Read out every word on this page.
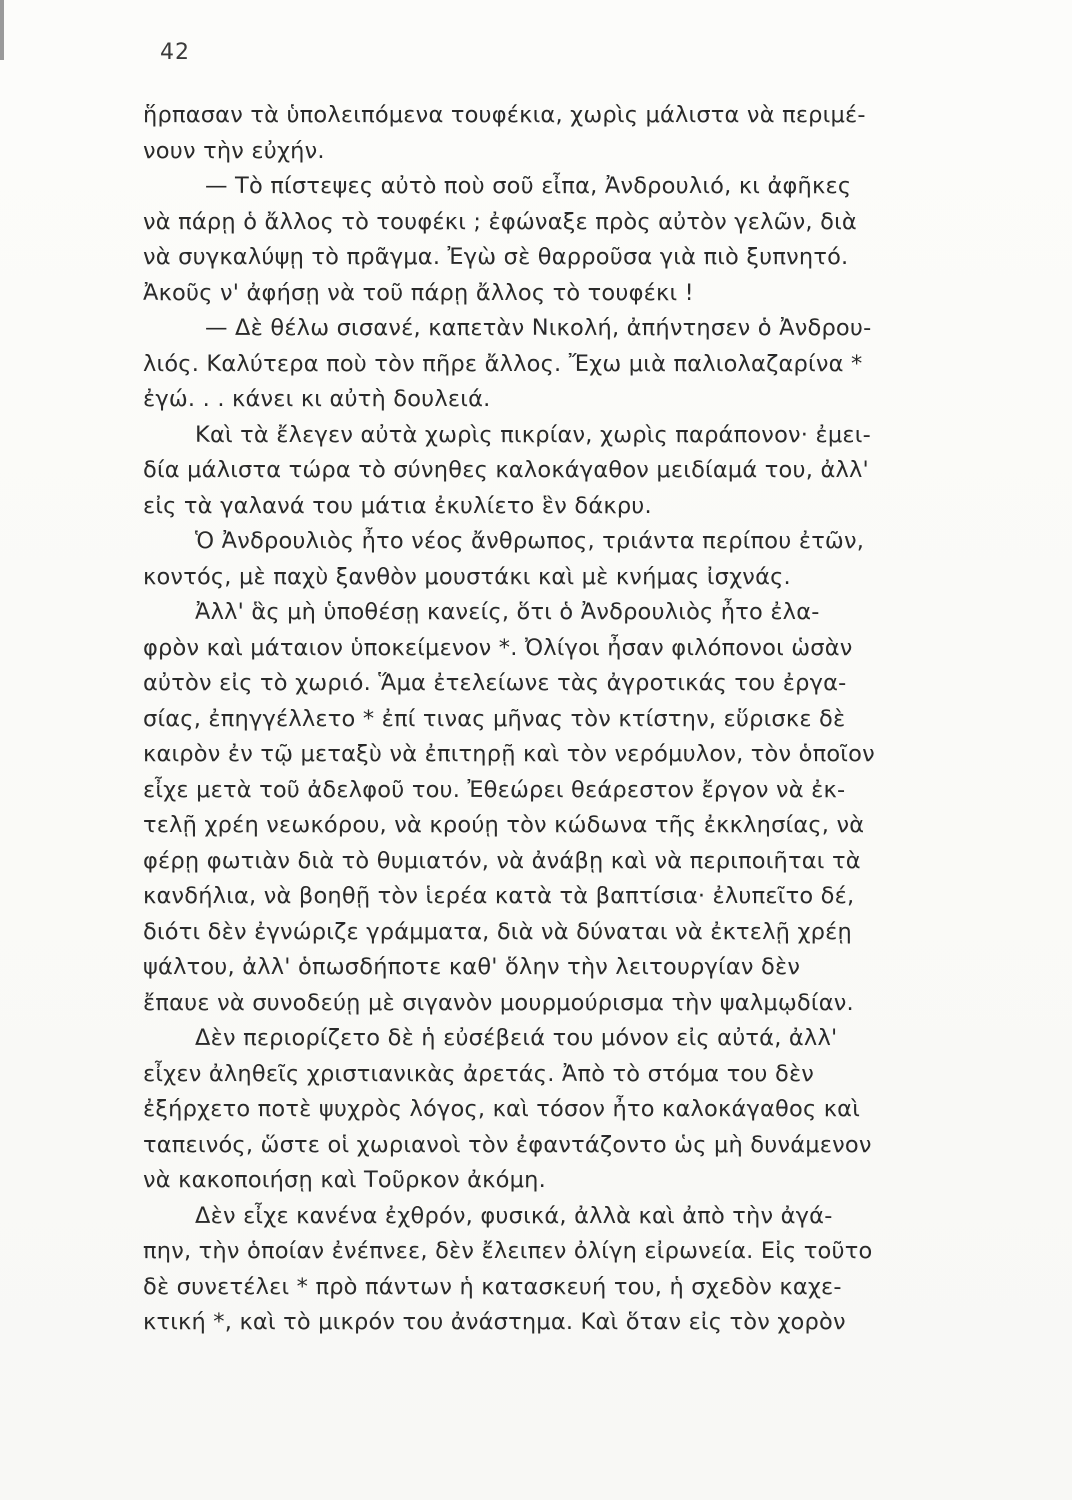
42
ἥρπασαν τὰ ὑπολειπόμενα τουφέκια, χωρὶς μάλιστα νὰ περιμέ-
νουν τὴν εὐχήν.
— Τὸ πίστεψες αὐτὸ ποὺ σοῦ εἶπα, Ἀνδρουλιό, κι ἀφῆκες
νὰ πάρῃ ὁ ἄλλος τὸ τουφέκι ; ἐφώναξε πρὸς αὐτὸν γελῶν, διὰ
νὰ συγκαλύψῃ τὸ πρᾶγμα. Ἐγὼ σὲ θαρροῦσα γιὰ πιὸ ξυπνητό.
Ἀκοῦς ν' ἀφήσῃ νὰ τοῦ πάρῃ ἄλλος τὸ τουφέκι !
— Δὲ θέλω σισανέ, καπετὰν Νικολή, ἀπήντησεν ὁ Ἀνδρου-
λιός. Καλύτερα ποὺ τὸν πῆρε ἄλλος. Ἔχω μιὰ παλιολαζαρίνα *
ἐγώ. . . κάνει κι αὐτὴ δουλειά.
Καὶ τὰ ἔλεγεν αὐτὰ χωρὶς πικρίαν, χωρὶς παράπονον· ἐμει-
δία μάλιστα τώρα τὸ σύνηθες καλοκάγαθον μειδίαμά του, ἀλλ'
εἰς τὰ γαλανά του μάτια ἐκυλίετο ἓν δάκρυ.
Ὁ Ἀνδρουλιὸς ἦτο νέος ἄνθρωπος, τριάντα περίπου ἐτῶν,
κοντός, μὲ παχὺ ξανθὸν μουστάκι καὶ μὲ κνήμας ἰσχνάς.
Ἀλλ' ἃς μὴ ὑποθέσῃ κανείς, ὅτι ὁ Ἀνδρουλιὸς ἦτο ἐλα-
φρὸν καὶ μάταιον ὑποκείμενον *. Ὀλίγοι ἦσαν φιλόπονοι ὡσὰν
αὐτὸν εἰς τὸ χωριό. Ἅμα ἐτελείωνε τὰς ἀγροτικάς του ἐργα-
σίας, ἐπηγγέλλετο * ἐπί τινας μῆνας τὸν κτίστην, εὕρισκε δὲ
καιρὸν ἐν τῷ μεταξὺ νὰ ἐπιτηρῇ καὶ τὸν νερόμυλον, τὸν ὁποῖον
εἶχε μετὰ τοῦ ἀδελφοῦ του. Ἐθεώρει θεάρεστον ἔργον νὰ ἐκ-
τελῇ χρέη νεωκόρου, νὰ κρούῃ τὸν κώδωνα τῆς ἐκκλησίας, νὰ
φέρῃ φωτιὰν διὰ τὸ θυμιατόν, νὰ ἀνάβῃ καὶ νὰ περιποιῆται τὰ
κανδήλια, νὰ βοηθῇ τὸν ἱερέα κατὰ τὰ βαπτίσια· ἐλυπεῖτο δέ,
διότι δὲν ἐγνώριζε γράμματα, διὰ νὰ δύναται νὰ ἐκτελῇ χρέῃ
ψάλτου, ἀλλ' ὁπωσδήποτε καθ' ὅλην τὴν λειτουργίαν δὲν
ἔπαυε νὰ συνοδεύῃ μὲ σιγανὸν μουρμούρισμα τὴν ψαλμῳδίαν.
Δὲν περιορίζετο δὲ ἡ εὐσέβειά του μόνον εἰς αὐτά, ἀλλ'
εἶχεν ἀληθεῖς χριστιανικὰς ἀρετάς. Ἀπὸ τὸ στόμα του δὲν
ἐξήρχετο ποτὲ ψυχρὸς λόγος, καὶ τόσον ἦτο καλοκάγαθος καὶ
ταπεινός, ὥστε οἱ χωριανοὶ τὸν ἐφαντάζοντο ὡς μὴ δυνάμενον
νὰ κακοποιήσῃ καὶ Τοῦρκον ἀκόμη.
Δὲν εἶχε κανένα ἐχθρόν, φυσικά, ἀλλὰ καὶ ἀπὸ τὴν ἀγά-
πην, τὴν ὁποίαν ἐνέπνεε, δὲν ἔλειπεν ὀλίγη εἰρωνεία. Εἰς τοῦτο
δὲ συνετέλει * πρὸ πάντων ἡ κατασκευή του, ἡ σχεδὸν καχε-
κτική *, καὶ τὸ μικρόν του ἀνάστημα. Καὶ ὅταν εἰς τὸν χορὸν
